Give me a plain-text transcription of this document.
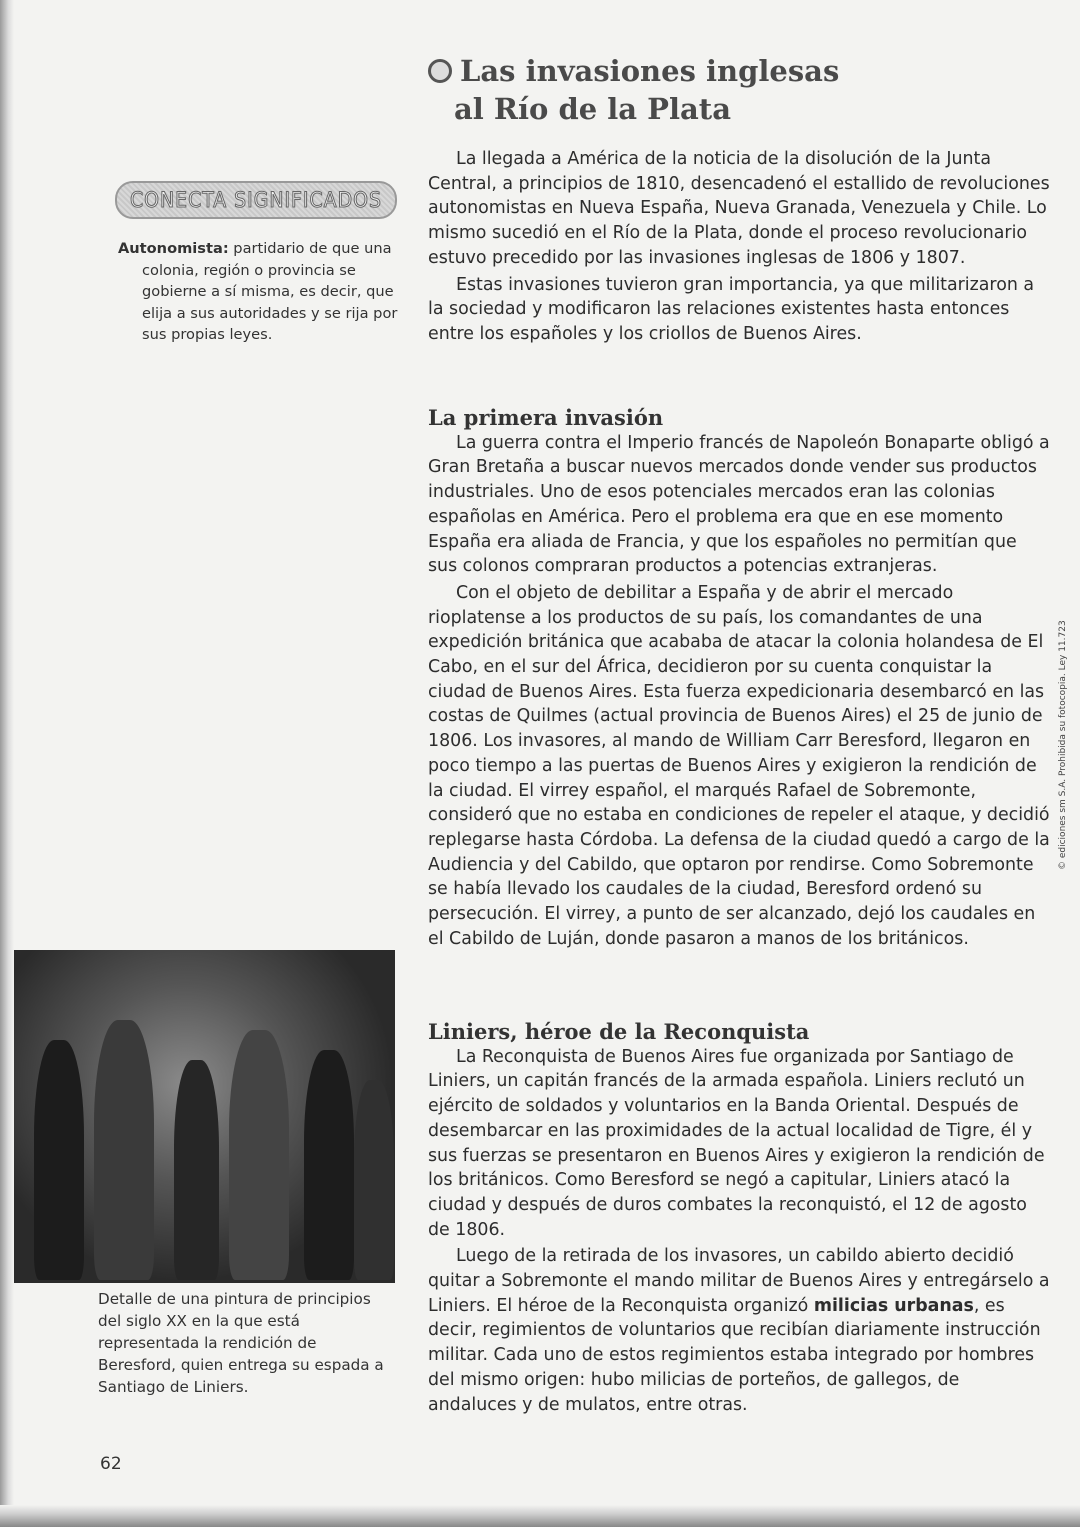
Las invasiones inglesas
al Río de la Plata

La llegada a América de la noticia de la disolución de la Junta Central, a principios de 1810, desencadenó el estallido de revoluciones autonomistas en Nueva España, Nueva Granada, Venezuela y Chile. Lo mismo sucedió en el Río de la Plata, donde el proceso revolucionario estuvo precedido por las invasiones inglesas de 1806 y 1807.

Estas invasiones tuvieron gran importancia, ya que militarizaron a la sociedad y modificaron las relaciones existentes hasta entonces entre los españoles y los criollos de Buenos Aires.

La primera invasión

La guerra contra el Imperio francés de Napoleón Bonaparte obligó a Gran Bretaña a buscar nuevos mercados donde vender sus productos industriales. Uno de esos potenciales mercados eran las colonias españolas en América. Pero el problema era que en ese momento España era aliada de Francia, y que los españoles no permitían que sus colonos compraran productos a potencias extranjeras.

Con el objeto de debilitar a España y de abrir el mercado rioplatense a los productos de su país, los comandantes de una expedición británica que acababa de atacar la colonia holandesa de El Cabo, en el sur del África, decidieron por su cuenta conquistar la ciudad de Buenos Aires. Esta fuerza expedicionaria desembarcó en las costas de Quilmes (actual provincia de Buenos Aires) el 25 de junio de 1806. Los invasores, al mando de William Carr Beresford, llegaron en poco tiempo a las puertas de Buenos Aires y exigieron la rendición de la ciudad. El virrey español, el marqués Rafael de Sobremonte, consideró que no estaba en condiciones de repeler el ataque, y decidió replegarse hasta Córdoba. La defensa de la ciudad quedó a cargo de la Audiencia y del Cabildo, que optaron por rendirse. Como Sobremonte se había llevado los caudales de la ciudad, Beresford ordenó su persecución. El virrey, a punto de ser alcanzado, dejó los caudales en el Cabildo de Luján, donde pasaron a manos de los británicos.

Liniers, héroe de la Reconquista

La Reconquista de Buenos Aires fue organizada por Santiago de Liniers, un capitán francés de la armada española. Liniers reclutó un ejército de soldados y voluntarios en la Banda Oriental. Después de desembarcar en las proximidades de la actual localidad de Tigre, él y sus fuerzas se presentaron en Buenos Aires y exigieron la rendición de los británicos. Como Beresford se negó a capitular, Liniers atacó la ciudad y después de duros combates la reconquistó, el 12 de agosto de 1806.

Luego de la retirada de los invasores, un cabildo abierto decidió quitar a Sobremonte el mando militar de Buenos Aires y entregárselo a Liniers. El héroe de la Reconquista organizó milicias urbanas, es decir, regimientos de voluntarios que recibían diariamente instrucción militar. Cada uno de estos regimientos estaba integrado por hombres del mismo origen: hubo milicias de porteños, de gallegos, de andaluces y de mulatos, entre otras.

CONECTA SIGNIFICADOS
Autonomista: partidario de que una colonia, región o provincia se gobierne a sí misma, es decir, que elija a sus autoridades y se rija por sus propias leyes.
Detalle de una pintura de principios del siglo XX en la que está representada la rendición de Beresford, quien entrega su espada a Santiago de Liniers.
62
© ediciones sm S.A. Prohibida su fotocopia. Ley 11.723
